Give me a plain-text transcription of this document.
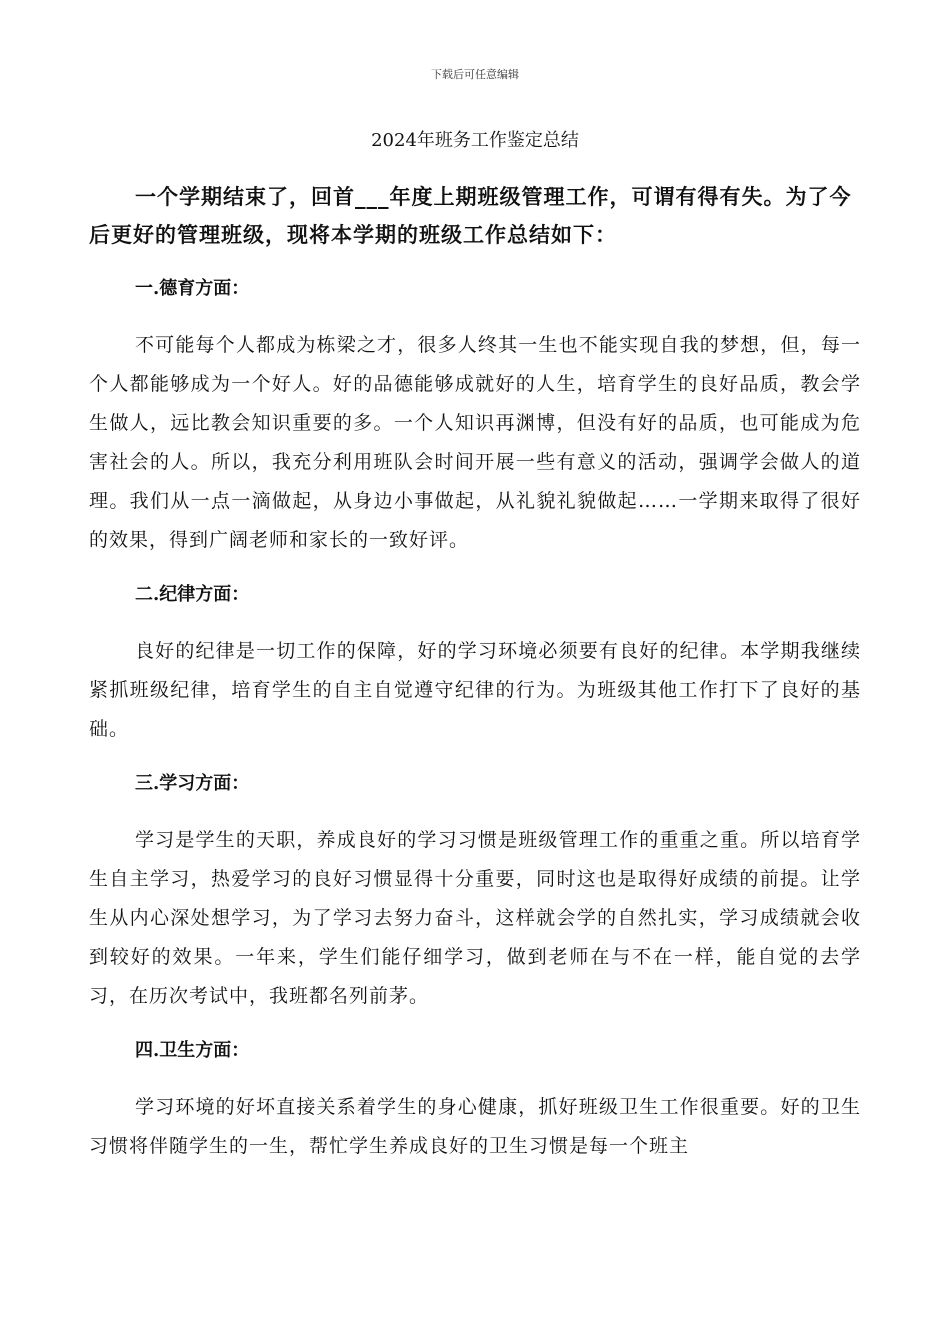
下载后可任意编辑
2024年班务工作鉴定总结

一个学期结束了，回首___年度上期班级管理工作，可谓有得有失。为了今后更好的管理班级，现将本学期的班级工作总结如下：

一.德育方面：

不可能每个人都成为栋梁之才，很多人终其一生也不能实现自我的梦想，但，每一个人都能够成为一个好人。好的品德能够成就好的人生，培育学生的良好品质，教会学生做人，远比教会知识重要的多。一个人知识再渊博，但没有好的品质，也可能成为危害社会的人。所以，我充分利用班队会时间开展一些有意义的活动，强调学会做人的道理。我们从一点一滴做起，从身边小事做起，从礼貌礼貌做起……一学期来取得了很好的效果，得到广阔老师和家长的一致好评。

二.纪律方面：

良好的纪律是一切工作的保障，好的学习环境必须要有良好的纪律。本学期我继续紧抓班级纪律，培育学生的自主自觉遵守纪律的行为。为班级其他工作打下了良好的基础。

三.学习方面：

学习是学生的天职，养成良好的学习习惯是班级管理工作的重重之重。所以培育学生自主学习，热爱学习的良好习惯显得十分重要，同时这也是取得好成绩的前提。让学生从内心深处想学习，为了学习去努力奋斗，这样就会学的自然扎实，学习成绩就会收到较好的效果。一年来，学生们能仔细学习，做到老师在与不在一样，能自觉的去学习，在历次考试中，我班都名列前茅。

四.卫生方面：

学习环境的好坏直接关系着学生的身心健康，抓好班级卫生工作很重要。好的卫生习惯将伴随学生的一生，帮忙学生养成良好的卫生习惯是每一个班主
